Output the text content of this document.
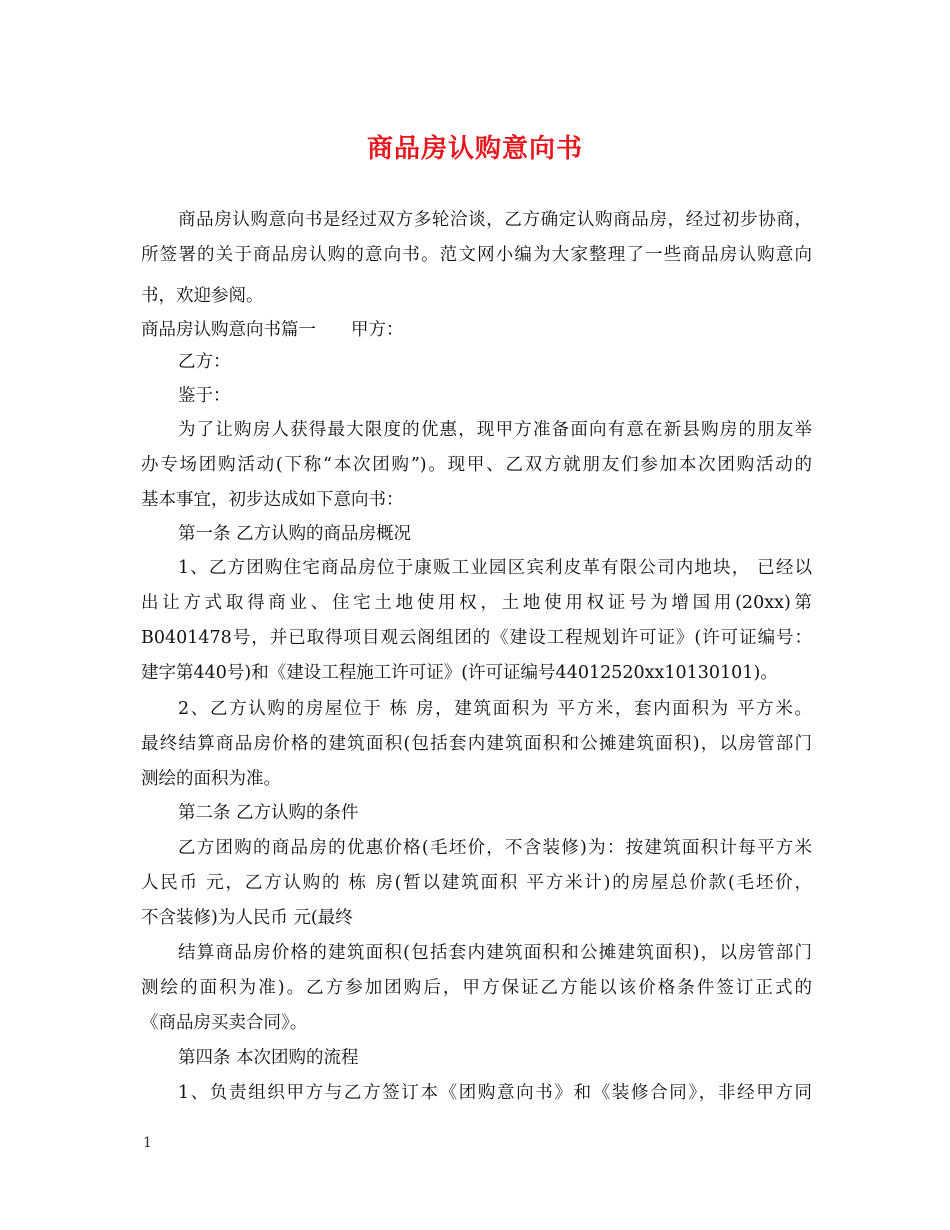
商品房认购意向书
商品房认购意向书是经过双方多轮洽谈，乙方确定认购商品房，经过初步协商，
所签署的关于商品房认购的意向书。范文网小编为大家整理了一些商品房认购意向
书，欢迎参阅。
商品房认购意向书篇一　　甲方：
乙方：
鉴于：
为了让购房人获得最大限度的优惠，现甲方准备面向有意在新县购房的朋友举
办专场团购活动(下称“本次团购”)。现甲、乙双方就朋友们参加本次团购活动的
基本事宜，初步达成如下意向书：
第一条 乙方认购的商品房概况
1、乙方团购住宅商品房位于康贩工业园区宾利皮革有限公司内地块， 已经以
出让方式取得商业、住宅土地使用权，土地使用权证号为增国用(20xx)第
B0401478号，并已取得项目观云阁组团的《建设工程规划许可证》(许可证编号：
建字第440号)和《建设工程施工许可证》(许可证编号44012520xx10130101)。
2、乙方认购的房屋位于 栋 房，建筑面积为 平方米，套内面积为 平方米。
最终结算商品房价格的建筑面积(包括套内建筑面积和公摊建筑面积)，以房管部门
测绘的面积为准。
第二条 乙方认购的条件
乙方团购的商品房的优惠价格(毛坯价，不含装修)为：按建筑面积计每平方米
人民币 元，乙方认购的 栋 房(暂以建筑面积 平方米计)的房屋总价款(毛坯价，
不含装修)为人民币 元(最终
结算商品房价格的建筑面积(包括套内建筑面积和公摊建筑面积)，以房管部门
测绘的面积为准)。乙方参加团购后，甲方保证乙方能以该价格条件签订正式的
《商品房买卖合同》。
第四条 本次团购的流程
1、负责组织甲方与乙方签订本《团购意向书》和《装修合同》，非经甲方同
1
